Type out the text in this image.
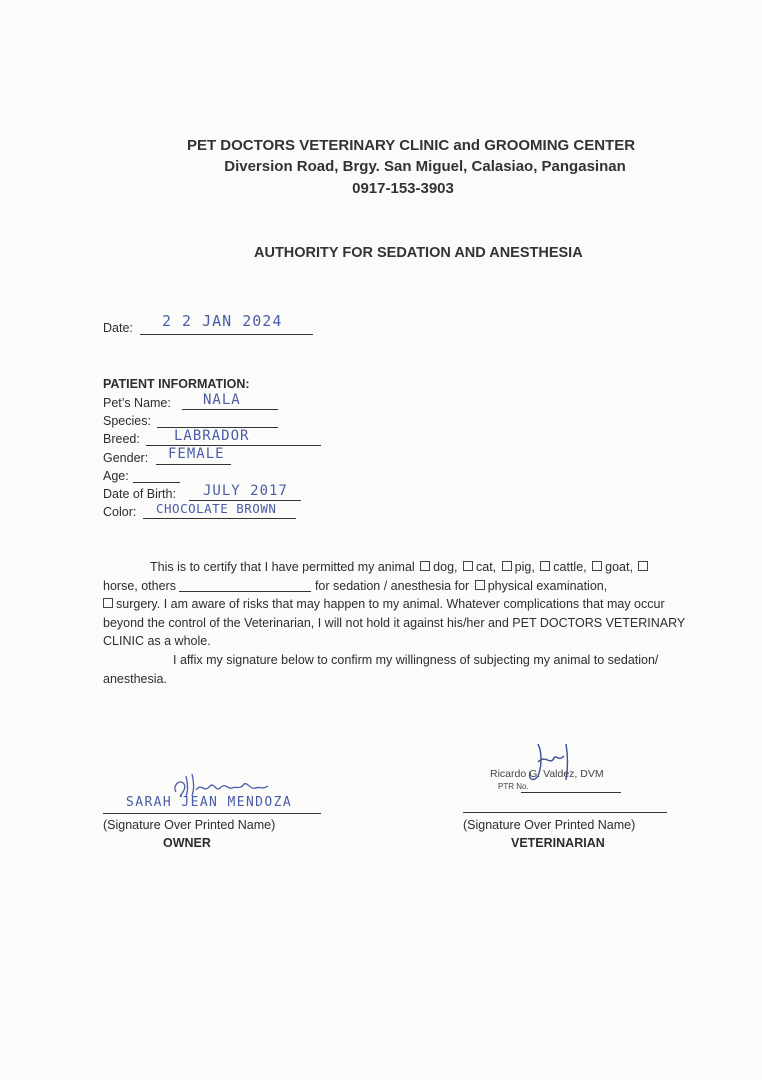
PET DOCTORS VETERINARY CLINIC and GROOMING CENTER
Diversion Road, Brgy. San Miguel, Calasiao, Pangasinan
0917-153-3903
AUTHORITY FOR SEDATION AND ANESTHESIA
Date: 2 2 JAN 2024
PATIENT INFORMATION:
Pet’s Name: NALA
Species:
Breed: LABRADOR
Gender: FEMALE
Age:
Date of Birth: JULY 2017
Color: CHOCOLATE BROWN
This is to certify that I have permitted my animal dog, cat, pig, cattle, goat,
horse, others	for sedation / anesthesia for physical examination,
surgery. I am aware of risks that may happen to my animal. Whatever complications that may occur beyond the control of the Veterinarian, I will not hold it against his/her and PET DOCTORS VETERINARY CLINIC as a whole.
I affix my signature below to confirm my willingness of subjecting my animal to sedation/ anesthesia.
SARAH JEAN MENDOZA
(Signature Over Printed Name)
OWNER
Ricardo G. Valdez, DVM
PTR No.
(Signature Over Printed Name)
VETERINARIAN
